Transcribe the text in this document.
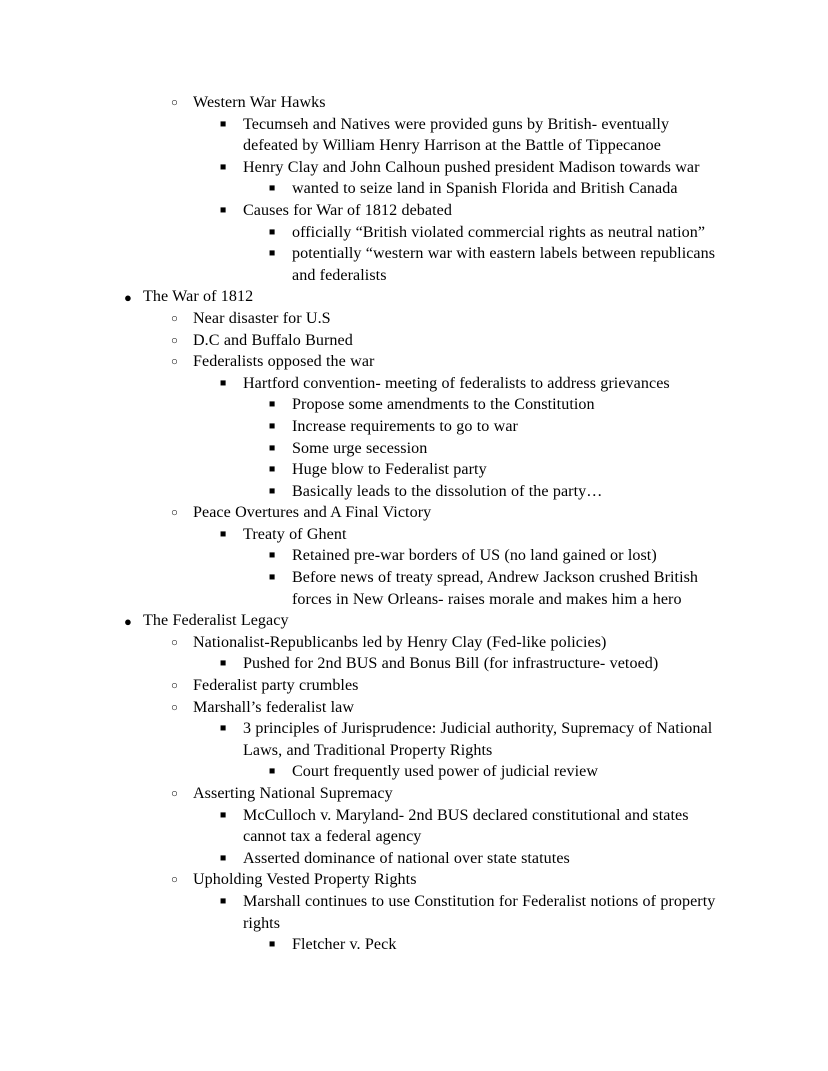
○ Western War Hawks
■ Tecumseh and Natives were provided guns by British- eventually defeated by William Henry Harrison at the Battle of Tippecanoe
■ Henry Clay and John Calhoun pushed president Madison towards war
■ wanted to seize land in Spanish Florida and British Canada
■ Causes for War of 1812 debated
■ officially “British violated commercial rights as neutral nation”
■ potentially “western war with eastern labels between republicans and federalists
● The War of 1812
○ Near disaster for U.S
○ D.C and Buffalo Burned
○ Federalists opposed the war
■ Hartford convention- meeting of federalists to address grievances
■ Propose some amendments to the Constitution
■ Increase requirements to go to war
■ Some urge secession
■ Huge blow to Federalist party
■ Basically leads to the dissolution of the party…
○ Peace Overtures and A Final Victory
■ Treaty of Ghent
■ Retained pre-war borders of US (no land gained or lost)
■ Before news of treaty spread, Andrew Jackson crushed British forces in New Orleans- raises morale and makes him a hero
● The Federalist Legacy
○ Nationalist-Republicanbs led by Henry Clay (Fed-like policies)
■ Pushed for 2nd BUS and Bonus Bill (for infrastructure- vetoed)
○ Federalist party crumbles
○ Marshall’s federalist law
■ 3 principles of Jurisprudence: Judicial authority, Supremacy of National Laws, and Traditional Property Rights
■ Court frequently used power of judicial review
○ Asserting National Supremacy
■ McCulloch v. Maryland- 2nd BUS declared constitutional and states cannot tax a federal agency
■ Asserted dominance of national over state statutes
○ Upholding Vested Property Rights
■ Marshall continues to use Constitution for Federalist notions of property rights
■ Fletcher v. Peck
